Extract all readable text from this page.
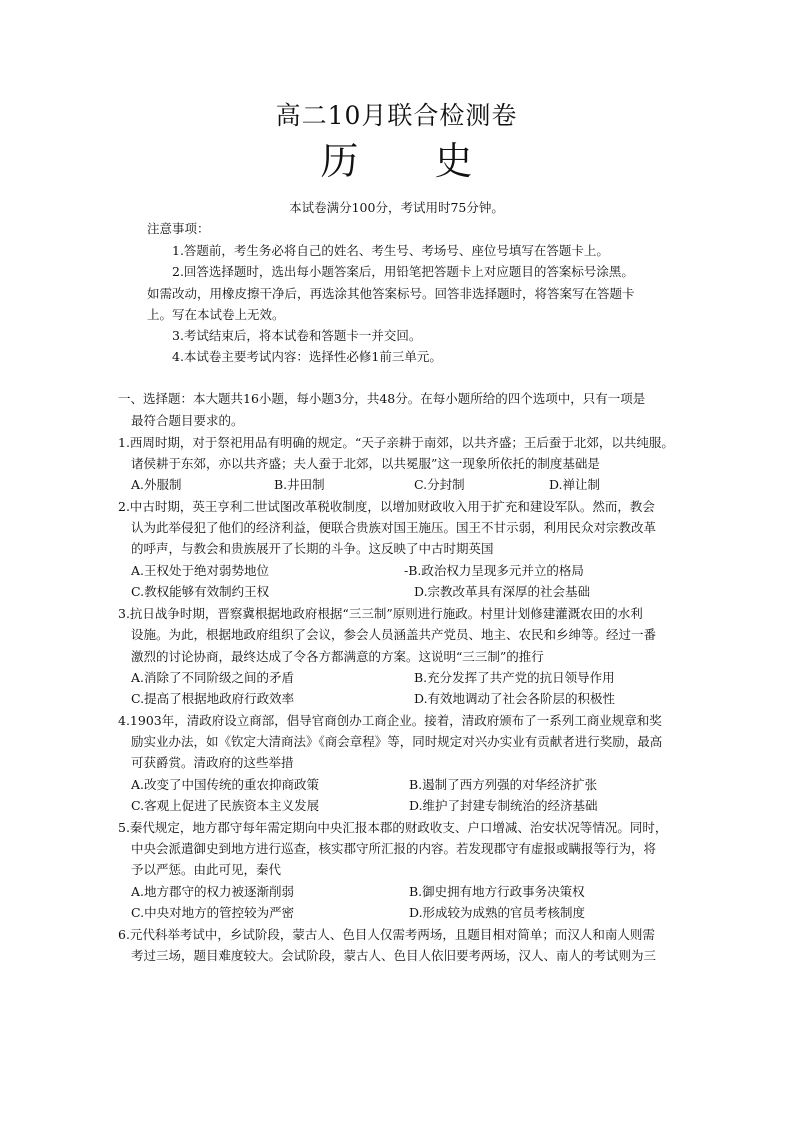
高二10月联合检测卷
历　　史
本试卷满分100分，考试用时75分钟。
注意事项：
1.答题前，考生务必将自己的姓名、考生号、考场号、座位号填写在答题卡上。
2.回答选择题时，选出每小题答案后，用铅笔把答题卡上对应题目的答案标号涂黑。
如需改动，用橡皮擦干净后，再选涂其他答案标号。回答非选择题时，将答案写在答题卡
上。写在本试卷上无效。
3.考试结束后，将本试卷和答题卡一并交回。
4.本试卷主要考试内容：选择性必修1前三单元。
一、选择题：本大题共16小题，每小题3分，共48分。在每小题所给的四个选项中，只有一项是
最符合题目要求的。
1.西周时期，对于祭祀用品有明确的规定。“天子亲耕于南郊，以共齐盛；王后蚕于北郊，以共纯服。
诸侯耕于东郊，亦以共齐盛；夫人蚕于北郊，以共冕服”这一现象所依托的制度基础是
A.外服制	B.井田制	C.分封制	D.禅让制
2.中古时期，英王亨利二世试图改革税收制度，以增加财政收入用于扩充和建设军队。然而，教会
认为此举侵犯了他们的经济利益，便联合贵族对国王施压。国王不甘示弱，利用民众对宗教改革
的呼声，与教会和贵族展开了长期的斗争。这反映了中古时期英国
A.王权处于绝对弱势地位	-B.政治权力呈现多元并立的格局
C.教权能够有效制约王权	D.宗教改革具有深厚的社会基础
3.抗日战争时期，晋察冀根据地政府根据“三三制”原则进行施政。村里计划修建灌溉农田的水利
设施。为此，根据地政府组织了会议，参会人员涵盖共产党员、地主、农民和乡绅等。经过一番
激烈的讨论协商，最终达成了令各方都满意的方案。这说明“三三制”的推行
A.消除了不同阶级之间的矛盾	B.充分发挥了共产党的抗日领导作用
C.提高了根据地政府行政效率	D.有效地调动了社会各阶层的积极性
4.1903年，清政府设立商部，倡导官商创办工商企业。接着，清政府颁布了一系列工商业规章和奖
励实业办法，如《钦定大清商法》《商会章程》等，同时规定对兴办实业有贡献者进行奖励，最高
可获爵赏。清政府的这些举措
A.改变了中国传统的重农抑商政策	B.遏制了西方列强的对华经济扩张
C.客观上促进了民族资本主义发展	D.维护了封建专制统治的经济基础
5.秦代规定，地方郡守每年需定期向中央汇报本郡的财政收支、户口增减、治安状况等情况。同时，
中央会派遣御史到地方进行巡查，核实郡守所汇报的内容。若发现郡守有虚报或瞒报等行为，将
予以严惩。由此可见，秦代
A.地方郡守的权力被逐渐削弱	B.御史拥有地方行政事务决策权
C.中央对地方的管控较为严密	D.形成较为成熟的官员考核制度
6.元代科举考试中，乡试阶段，蒙古人、色目人仅需考两场，且题目相对简单；而汉人和南人则需
考过三场，题目难度较大。会试阶段，蒙古人、色目人依旧要考两场，汉人、南人的考试则为三
